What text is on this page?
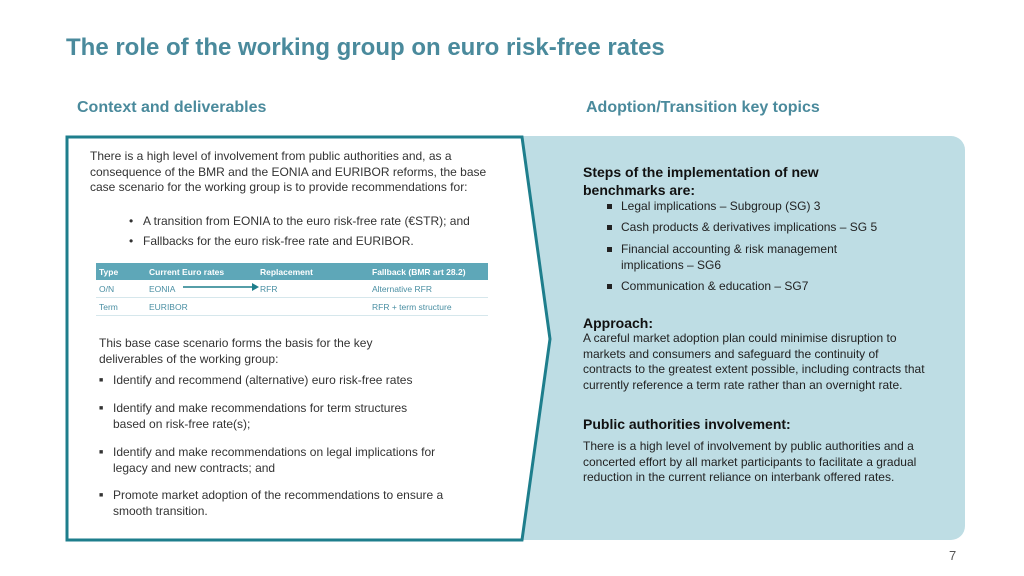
The role of the working group on euro risk-free rates
Context and deliverables	Adoption/Transition key topics
There is a high level of involvement from public authorities and, as a consequence of the BMR and the EONIA and EURIBOR reforms, the base case scenario for the working group is to provide recommendations for:
• A transition from EONIA to the euro risk-free rate (€STR); and
• Fallbacks for the euro risk-free rate and EURIBOR.
Type	Current Euro rates	Replacement	Fallback (BMR art 28.2)
O/N	EONIA	RFR	Alternative RFR
Term	EURIBOR		RFR + term structure
This base case scenario forms the basis for the key deliverables of the working group:
■ Identify and recommend (alternative) euro risk-free rates
■ Identify and make recommendations for term structures based on risk-free rate(s);
■ Identify and make recommendations on legal implications for legacy and new contracts; and
■ Promote market adoption of the recommendations to ensure a smooth transition.
Steps of the implementation of new benchmarks are:
Legal implications – Subgroup (SG) 3
Cash products & derivatives implications – SG 5
Financial accounting & risk management implications – SG6
Communication & education – SG7
Approach:
A careful market adoption plan could minimise disruption to markets and consumers and safeguard the continuity of contracts to the greatest extent possible, including contracts that currently reference a term rate rather than an overnight rate.
Public authorities involvement:
There is a high level of involvement by public authorities and a concerted effort by all market participants to facilitate a gradual reduction in the current reliance on interbank offered rates.
7
